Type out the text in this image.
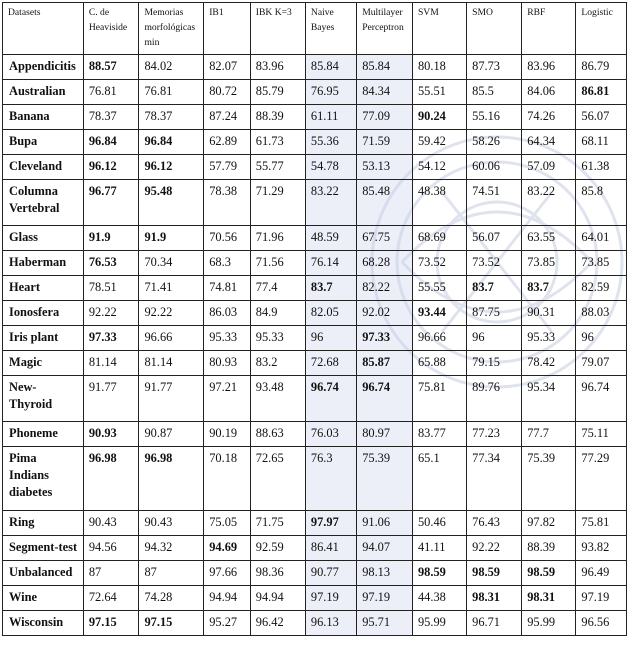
Datasets	C. de Heaviside	Memorias morfológicas min	IB1	IBK K=3	Naive Bayes	Multilayer Perceptron	SVM	SMO	RBF	Logistic
Appendicitis	88.57	84.02	82.07	83.96	85.84	85.84	80.18	87.73	83.96	86.79
Australian	76.81	76.81	80.72	85.79	76.95	84.34	55.51	85.5	84.06	86.81
Banana	78.37	78.37	87.24	88.39	61.11	77.09	90.24	55.16	74.26	56.07
Bupa	96.84	96.84	62.89	61.73	55.36	71.59	59.42	58.26	64.34	68.11
Cleveland	96.12	96.12	57.79	55.77	54.78	53.13	54.12	60.06	57.09	61.38
Columna Vertebral	96.77	95.48	78.38	71.29	83.22	85.48	48.38	74.51	83.22	85.8
Glass	91.9	91.9	70.56	71.96	48.59	67.75	68.69	56.07	63.55	64.01
Haberman	76.53	70.34	68.3	71.56	76.14	68.28	73.52	73.52	73.85	73.85
Heart	78.51	71.41	74.81	77.4	83.7	82.22	55.55	83.7	83.7	82.59
Ionosfera	92.22	92.22	86.03	84.9	82.05	92.02	93.44	87.75	90.31	88.03
Iris plant	97.33	96.66	95.33	95.33	96	97.33	96.66	96	95.33	96
Magic	81.14	81.14	80.93	83.2	72.68	85.87	65.88	79.15	78.42	79.07
New-Thyroid	91.77	91.77	97.21	93.48	96.74	96.74	75.81	89.76	95.34	96.74
Phoneme	90.93	90.87	90.19	88.63	76.03	80.97	83.77	77.23	77.7	75.11
Pima Indians diabetes	96.98	96.98	70.18	72.65	76.3	75.39	65.1	77.34	75.39	77.29
Ring	90.43	90.43	75.05	71.75	97.97	91.06	50.46	76.43	97.82	75.81
Segment-test	94.56	94.32	94.69	92.59	86.41	94.07	41.11	92.22	88.39	93.82
Unbalanced	87	87	97.66	98.36	90.77	98.13	98.59	98.59	98.59	96.49
Wine	72.64	74.28	94.94	94.94	97.19	97.19	44.38	98.31	98.31	97.19
Wisconsin	97.15	97.15	95.27	96.42	96.13	95.71	95.99	96.71	95.99	96.56
